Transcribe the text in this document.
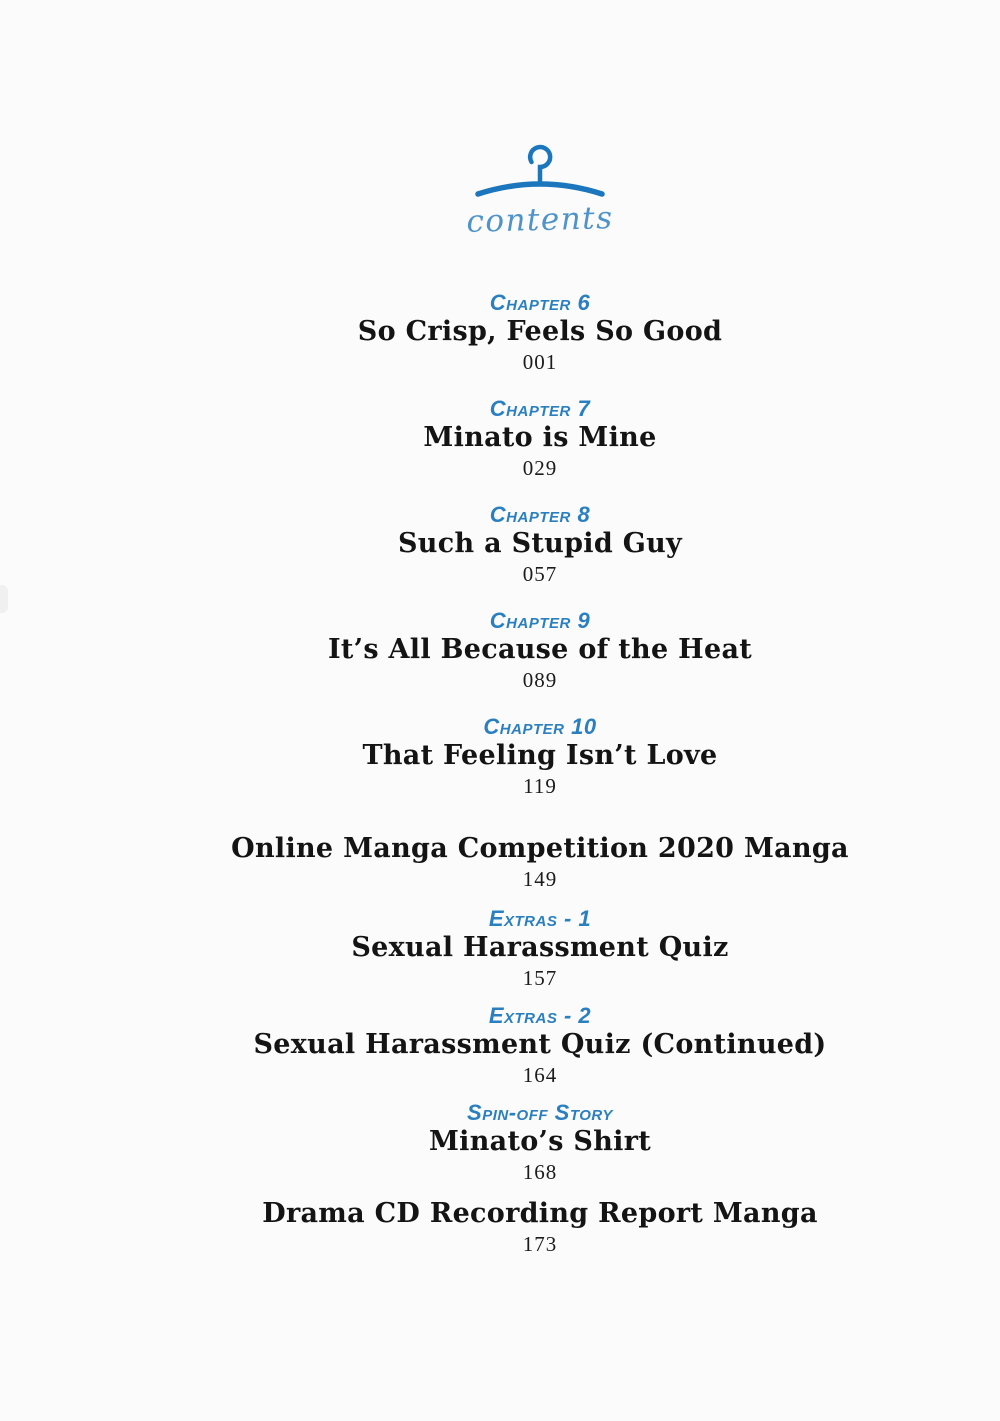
contents
Chapter 6
So Crisp, Feels So Good
001
Chapter 7
Minato is Mine
029
Chapter 8
Such a Stupid Guy
057
Chapter 9
It’s All Because of the Heat
089
Chapter 10
That Feeling Isn’t Love
119
Online Manga Competition 2020 Manga
149
Extras - 1
Sexual Harassment Quiz
157
Extras - 2
Sexual Harassment Quiz (Continued)
164
Spin-off Story
Minato’s Shirt
168
Drama CD Recording Report Manga
173
